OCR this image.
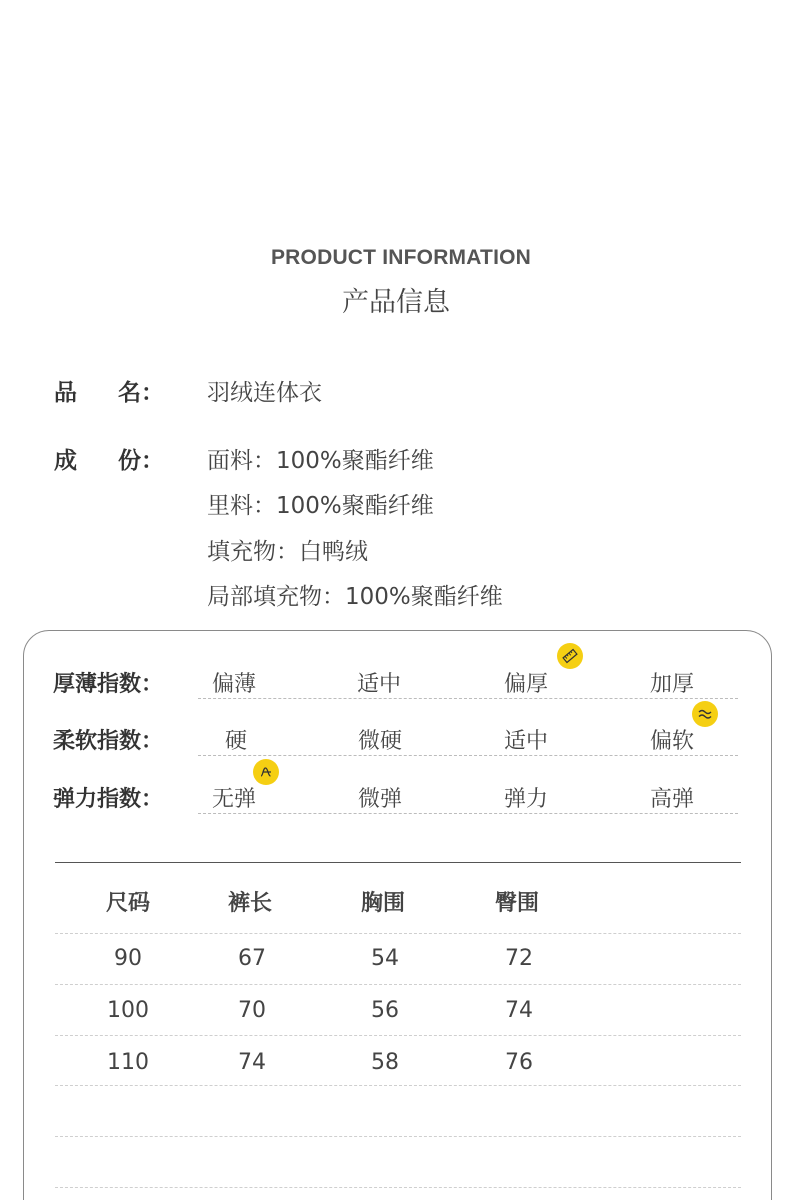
PRODUCT INFORMATION
产品信息
品 名： 羽绒连体衣
成 份： 面料：100%聚酯纤维
里料：100%聚酯纤维
填充物：白鸭绒
局部填充物：100%聚酯纤维
厚薄指数： 偏薄	适中	偏厚	加厚
柔软指数：	硬	微硬	适中	偏软
弹力指数： 无弹	微弹	弹力	高弹
尺码	裤长	胸围	臀围
90	67	54	72
100	70	56	74
110	74	58	76
